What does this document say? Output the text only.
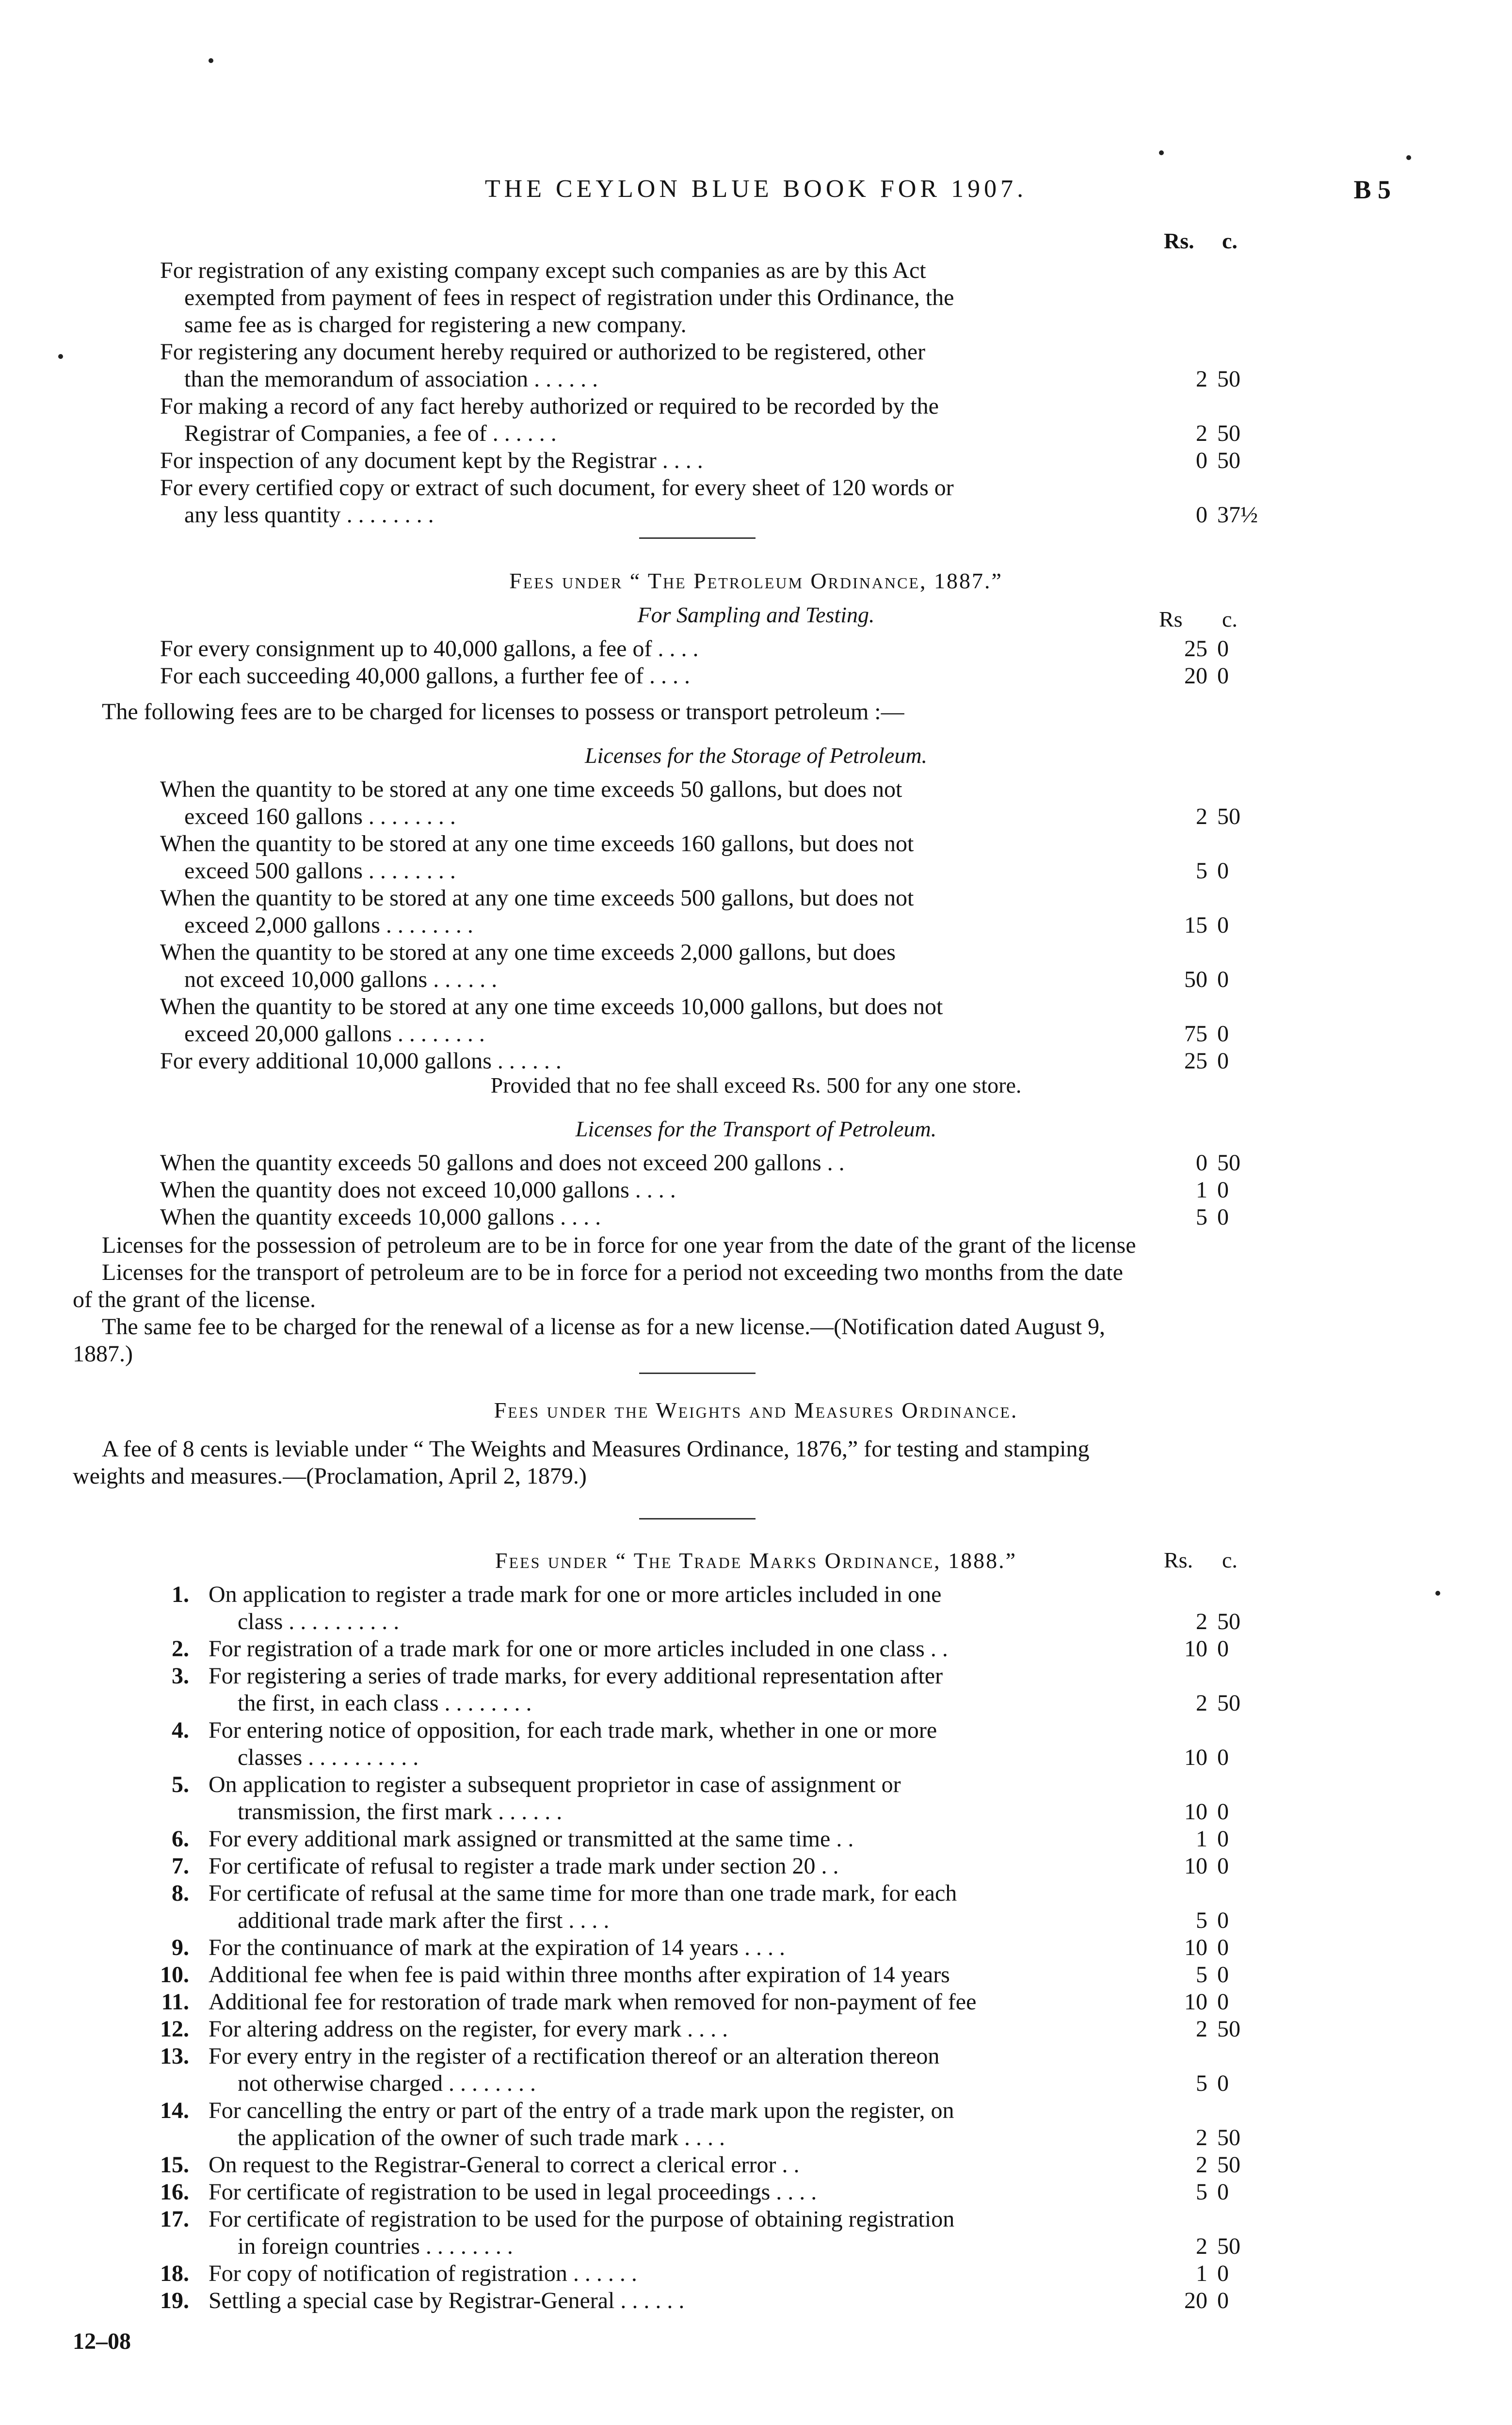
THE CEYLON BLUE BOOK FOR 1907.	B 5
Rs. c.
For registration of any existing company except such companies as are by this Act
exempted from payment of fees in respect of registration under this Ordinance, the
same fee as is charged for registering a new company.
For registering any document hereby required or authorized to be registered, other
than the memorandum of association . . . . . .	2 50
For making a record of any fact hereby authorized or required to be recorded by the
Registrar of Companies, a fee of . . . . . .	2 50
For inspection of any document kept by the Registrar . . . .	0 50
For every certified copy or extract of such document, for every sheet of 120 words or
any less quantity . . . . . . . .	0 37½
Fees under “ The Petroleum Ordinance, 1887.”
For Sampling and Testing.	Rs c.
For every consignment up to 40,000 gallons, a fee of . . . .	25 0
For each succeeding 40,000 gallons, a further fee of . . . .	20 0
The following fees are to be charged for licenses to possess or transport petroleum :—
Licenses for the Storage of Petroleum.
When the quantity to be stored at any one time exceeds 50 gallons, but does not
exceed 160 gallons . . . . . . . .	2 50
When the quantity to be stored at any one time exceeds 160 gallons, but does not
exceed 500 gallons . . . . . . . .	5 0
When the quantity to be stored at any one time exceeds 500 gallons, but does not
exceed 2,000 gallons . . . . . . . .	15 0
When the quantity to be stored at any one time exceeds 2,000 gallons, but does
not exceed 10,000 gallons . . . . . .	50 0
When the quantity to be stored at any one time exceeds 10,000 gallons, but does not
exceed 20,000 gallons . . . . . . . .	75 0
For every additional 10,000 gallons . . . . . .	25 0
Provided that no fee shall exceed Rs. 500 for any one store.
Licenses for the Transport of Petroleum.
When the quantity exceeds 50 gallons and does not exceed 200 gallons . .	0 50
When the quantity does not exceed 10,000 gallons . . . .	1 0
When the quantity exceeds 10,000 gallons . . . .	5 0
Licenses for the possession of petroleum are to be in force for one year from the date of the grant of the license
Licenses for the transport of petroleum are to be in force for a period not exceeding two months from the date
of the grant of the license.
The same fee to be charged for the renewal of a license as for a new license.—(Notification dated August 9,
1887.)
Fees under the Weights and Measures Ordinance.
A fee of 8 cents is leviable under “ The Weights and Measures Ordinance, 1876,” for testing and stamping
weights and measures.—(Proclamation, April 2, 1879.)
Fees under “ The Trade Marks Ordinance, 1888.”	Rs. c.
1. On application to register a trade mark for one or more articles included in one
class . . . . . . . . . .	2 50
2. For registration of a trade mark for one or more articles included in one class . .	10 0
3. For registering a series of trade marks, for every additional representation after
the first, in each class . . . . . . . .	2 50
4. For entering notice of opposition, for each trade mark, whether in one or more
classes . . . . . . . . . .	10 0
5. On application to register a subsequent proprietor in case of assignment or
transmission, the first mark . . . . . .	10 0
6. For every additional mark assigned or transmitted at the same time . .	1 0
7. For certificate of refusal to register a trade mark under section 20 . .	10 0
8. For certificate of refusal at the same time for more than one trade mark, for each
additional trade mark after the first . . . .	5 0
9. For the continuance of mark at the expiration of 14 years . . . .	10 0
10. Additional fee when fee is paid within three months after expiration of 14 years	5 0
11. Additional fee for restoration of trade mark when removed for non-payment of fee	10 0
12. For altering address on the register, for every mark . . . .	2 50
13. For every entry in the register of a rectification thereof or an alteration thereon
not otherwise charged . . . . . . . .	5 0
14. For cancelling the entry or part of the entry of a trade mark upon the register, on
the application of the owner of such trade mark . . . .	2 50
15. On request to the Registrar-General to correct a clerical error . .	2 50
16. For certificate of registration to be used in legal proceedings . . . .	5 0
17. For certificate of registration to be used for the purpose of obtaining registration
in foreign countries . . . . . . . .	2 50
18. For copy of notification of registration . . . . . .	1 0
19. Settling a special case by Registrar-General . . . . . .	20 0
12–08
